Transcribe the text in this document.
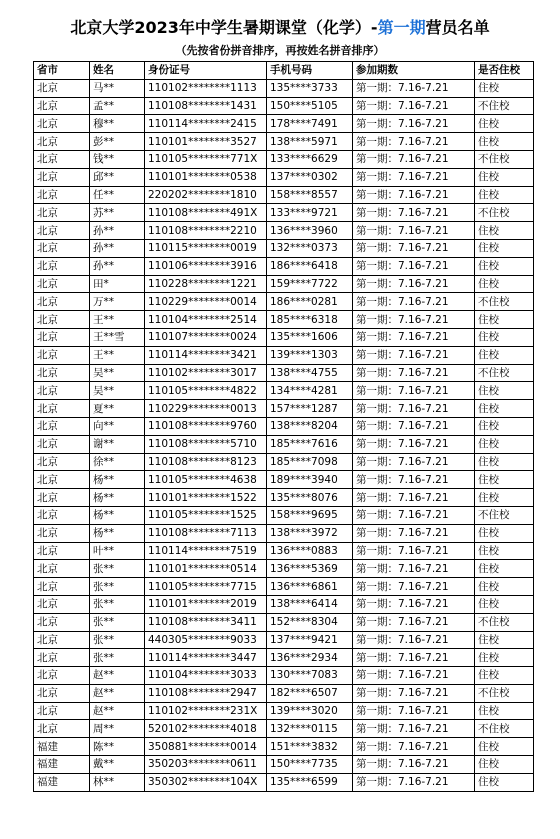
北京大学2023年中学生暑期课堂（化学）-第一期营员名单
（先按省份拼音排序，再按姓名拼音排序）
省市	姓名	身份证号	手机号码	参加期数	是否住校
北京	马**	110102********1113	135****3733	第一期：7.16-7.21	住校
北京	孟**	110108********1431	150****5105	第一期：7.16-7.21	不住校
北京	穆**	110114********2415	178****7491	第一期：7.16-7.21	住校
北京	彭**	110101********3527	138****5971	第一期：7.16-7.21	住校
北京	钱**	110105********771X	133****6629	第一期：7.16-7.21	不住校
北京	邱**	110101********0538	137****0302	第一期：7.16-7.21	住校
北京	任**	220202********1810	158****8557	第一期：7.16-7.21	住校
北京	苏**	110108********491X	133****9721	第一期：7.16-7.21	不住校
北京	孙**	110108********2210	136****3960	第一期：7.16-7.21	住校
北京	孙**	110115********0019	132****0373	第一期：7.16-7.21	住校
北京	孙**	110106********3916	186****6418	第一期：7.16-7.21	住校
北京	田*	110228********1221	159****7722	第一期：7.16-7.21	住校
北京	万**	110229********0014	186****0281	第一期：7.16-7.21	不住校
北京	王**	110104********2514	185****6318	第一期：7.16-7.21	住校
北京	王**雪	110107********0024	135****1606	第一期：7.16-7.21	住校
北京	王**	110114********3421	139****1303	第一期：7.16-7.21	住校
北京	吴**	110102********3017	138****4755	第一期：7.16-7.21	不住校
北京	吴**	110105********4822	134****4281	第一期：7.16-7.21	住校
北京	夏**	110229********0013	157****1287	第一期：7.16-7.21	住校
北京	向**	110108********9760	138****8204	第一期：7.16-7.21	住校
北京	谢**	110108********5710	185****7616	第一期：7.16-7.21	住校
北京	徐**	110108********8123	185****7098	第一期：7.16-7.21	住校
北京	杨**	110105********4638	189****3940	第一期：7.16-7.21	住校
北京	杨**	110101********1522	135****8076	第一期：7.16-7.21	住校
北京	杨**	110105********1525	158****9695	第一期：7.16-7.21	不住校
北京	杨**	110108********7113	138****3972	第一期：7.16-7.21	住校
北京	叶**	110114********7519	136****0883	第一期：7.16-7.21	住校
北京	张**	110101********0514	136****5369	第一期：7.16-7.21	住校
北京	张**	110105********7715	136****6861	第一期：7.16-7.21	住校
北京	张**	110101********2019	138****6414	第一期：7.16-7.21	住校
北京	张**	110108********3411	152****8304	第一期：7.16-7.21	不住校
北京	张**	440305********9033	137****9421	第一期：7.16-7.21	住校
北京	张**	110114********3447	136****2934	第一期：7.16-7.21	住校
北京	赵**	110104********3033	130****7083	第一期：7.16-7.21	住校
北京	赵**	110108********2947	182****6507	第一期：7.16-7.21	不住校
北京	赵**	110102********231X	139****3020	第一期：7.16-7.21	住校
北京	周**	520102********4018	132****0115	第一期：7.16-7.21	不住校
福建	陈**	350881********0014	151****3832	第一期：7.16-7.21	住校
福建	戴**	350203********0611	150****7735	第一期：7.16-7.21	住校
福建	林**	350302********104X	135****6599	第一期：7.16-7.21	住校
